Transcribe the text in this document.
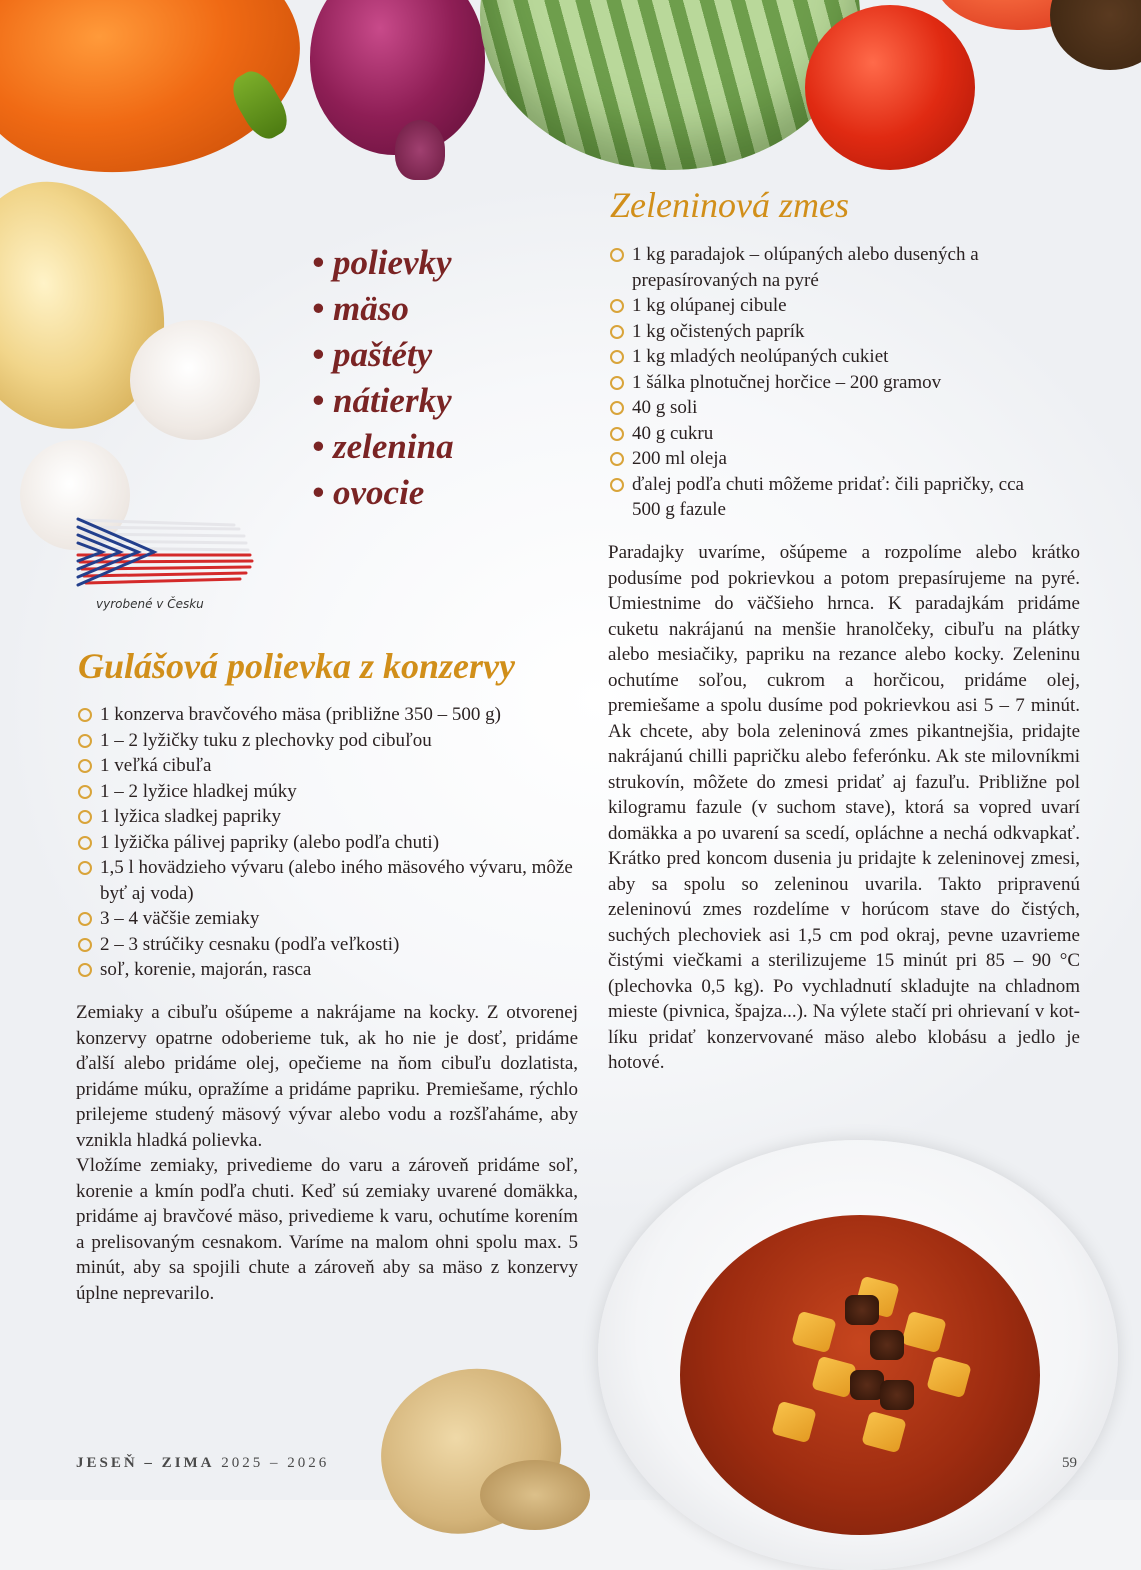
vyrobené v Česku
• polievky
• mäso
• paštéty
• nátierky
• zelenina
• ovocie
Zeleninová zmes
1 kg paradajok – olúpaných alebo dusených a prepasírovaných na pyré
1 kg olúpanej cibule
1 kg očistených paprík
1 kg mladých neolúpaných cukiet
1 šálka plnotučnej horčice – 200 gramov
40 g soli
40 g cukru
200 ml oleja
ďalej podľa chuti môžeme pridať: čili papričky, cca 500 g fazule

Paradajky uvaríme, ošúpeme a rozpolíme alebo krátko podusíme pod pokrievkou a potom prepasírujeme na pyré. Umiestnime do väčšieho hrnca. K paradajkám pridáme cuketu nakrájanú na menšie hranolčeky, cibuľu na plátky alebo mesiačiky, papriku na rezance alebo kocky. Zeleninu ochutíme soľou, cukrom a horčicou, pridáme olej, premiešame a spolu dusíme pod pokrievkou asi 5 – 7 minút. Ak chcete, aby bola zeleninová zmes pikantnejšia, pridajte nakrájanú chilli papričku alebo feferónku. Ak ste milovníkmi strukovín, môžete do zmesi pridať aj fazuľu. Približne pol kilogramu fazule (v suchom stave), ktorá sa vopred uvarí domäkka a po uvarení sa scedí, opláchne a nechá odkvapkať. Krátko pred koncom dusenia ju pridajte k zeleninovej zmesi, aby sa spolu so zeleninou uvarila. Takto pripravenú zeleninovú zmes rozdelíme v horúcom stave do čistých, suchých plechoviek asi 1,5 cm pod okraj, pevne uzavrieme čistými viečkami a sterilizujeme 15 minút pri 85 – 90 °C (plechovka 0,5 kg). Po vychladnutí skladujte na chladnom mieste (pivnica, špajza...). Na výlete stačí pri ohrievaní v kotlíku pridať konzervované mäso alebo klobásu a jedlo je hotové.

Gulášová polievka z konzervy
1 konzerva bravčového mäsa (približne 350 – 500 g)
1 – 2 lyžičky tuku z plechovky pod cibuľou
1 veľká cibuľa
1 – 2 lyžice hladkej múky
1 lyžica sladkej papriky
1 lyžička pálivej papriky (alebo podľa chuti)
1,5 l hovädzieho vývaru (alebo iného mäsového vývaru, môže byť aj voda)
3 – 4 väčšie zemiaky
2 – 3 strúčiky cesnaku (podľa veľkosti)
soľ, korenie, majorán, rasca
Zemiaky a cibuľu ošúpeme a nakrájame na kocky. Z otvorenej konzervy opatrne odoberieme tuk, ak ho nie je dosť, pridáme ďalší alebo pridáme olej, opečieme na ňom cibuľu dozlatista, pridáme múku, opražíme a pridáme papriku. Premiešame, rýchlo prilejeme studený mäsový vývar alebo vodu a rozšľaháme, aby vznikla hladká polievka.
Vložíme zemiaky, privedieme do varu a zároveň pridáme soľ, korenie a kmín podľa chuti. Keď sú zemiaky uvarené domäkka, pridáme aj bravčové mäso, privedieme k varu, ochutíme korením a prelisovaným cesnakom. Varíme na malom ohni spolu max. 5 minút, aby sa spojili chute a zároveň aby sa mäso z konzervy úplne neprevarilo.
JESEŇ – ZIMA 2025 – 2026	59
